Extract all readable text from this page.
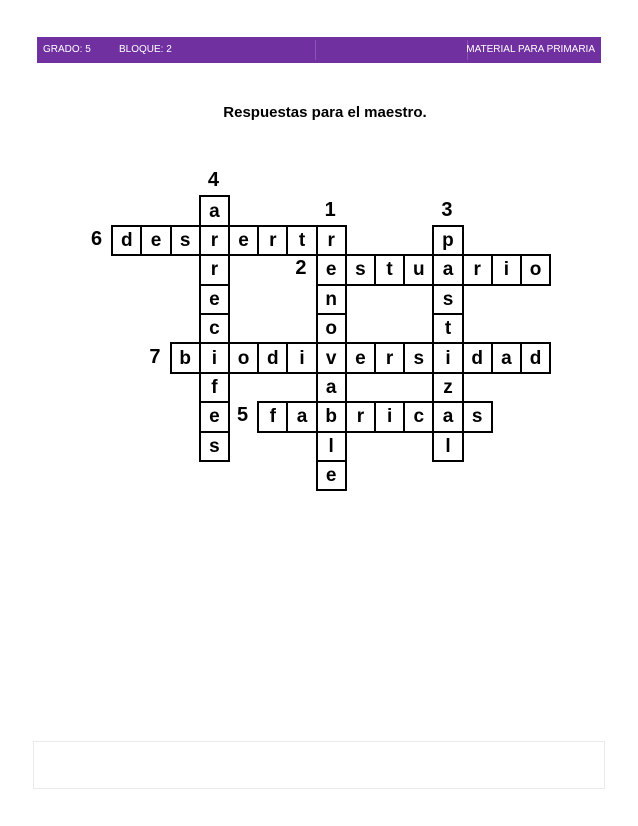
GRADO: 5	BLOQUE: 2	MATERIAL PARA PRIMARIA
Respuestas para el maestro.
a
r
r
e
c
i
f
e
s
r
e
n
o
v
a
b
l
e
p
a
s
t
i
z
a
l
d e s	e	r	t
s	t	u	r	i	o
b	o d	i	e	r	s	d a d
f	a	r	i	c	s
4
1	3
6
2
7
5
